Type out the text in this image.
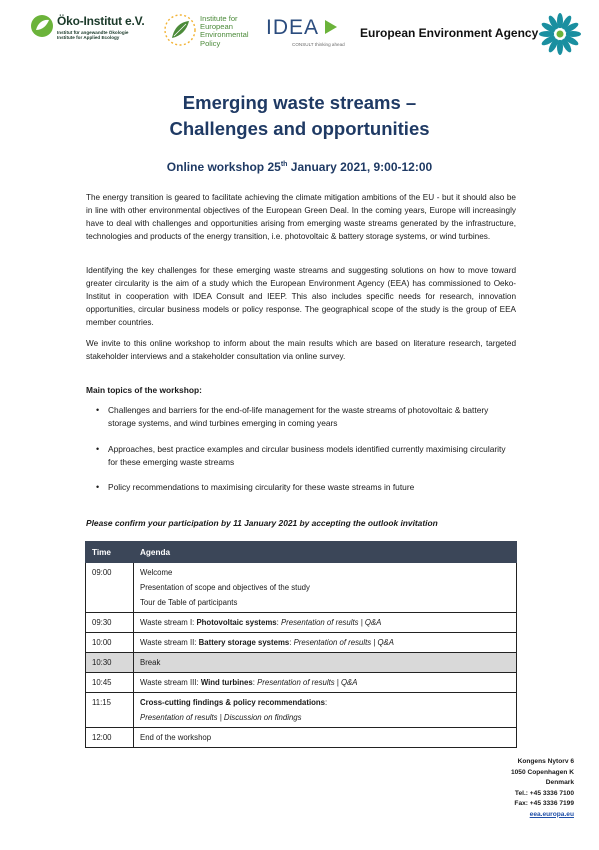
Öko-Institut e.V.
Institut für angewandte Ökologie
Institute for Applied Ecology
Institute for
European
Environmental
Policy
IDEA
CONSULT thinking ahead
European Environment Agency
Emerging waste streams –
Challenges and opportunities
Online workshop 25th January 2021, 9:00-12:00

The energy transition is geared to facilitate achieving the climate mitigation ambitions of the EU - but it should also be in line with other environmental objectives of the European Green Deal. In the coming years, Europe will increasingly have to deal with challenges and opportunities arising from emerging waste streams generated by the infrastructure, technologies and products of the energy transition, i.e. photovoltaic & battery storage systems, or wind turbines.

Identifying the key challenges for these emerging waste streams and suggesting solutions on how to move toward greater circularity is the aim of a study which the European Environment Agency (EEA) has commissioned to Oeko-Institut in cooperation with IDEA Consult and IEEP. This also includes specific needs for research, innovation opportunities, circular business models or policy response. The geographical scope of the study is the group of EEA member countries.

We invite to this online workshop to inform about the main results which are based on literature research, targeted stakeholder interviews and a stakeholder consultation via online survey.

Main topics of the workshop:
• Challenges and barriers for the end-of-life management for the waste streams of photovoltaic & battery storage systems, and wind turbines emerging in coming years
• Approaches, best practice examples and circular business models identified currently maximising circularity for these emerging waste streams
• Policy recommendations to maximising circularity for these waste streams in future
Please confirm your participation by 11 January 2021 by accepting the outlook invitation
Time	Agenda
09:00	Welcome
Presentation of scope and objectives of the study
Tour de Table of participants

09:30	Waste stream I: Photovoltaic systems: Presentation of results | Q&A
10:00	Waste stream II: Battery storage systems: Presentation of results | Q&A
10:30	Break
10:45	Waste stream III: Wind turbines: Presentation of results | Q&A
11:15	Cross-cutting findings & policy recommendations:
Presentation of results | Discussion on findings

12:00	End of the workshop
Kongens Nytorv 6
1050 Copenhagen K
Denmark
Tel.: +45 3336 7100
Fax: +45 3336 7199
eea.europa.eu
